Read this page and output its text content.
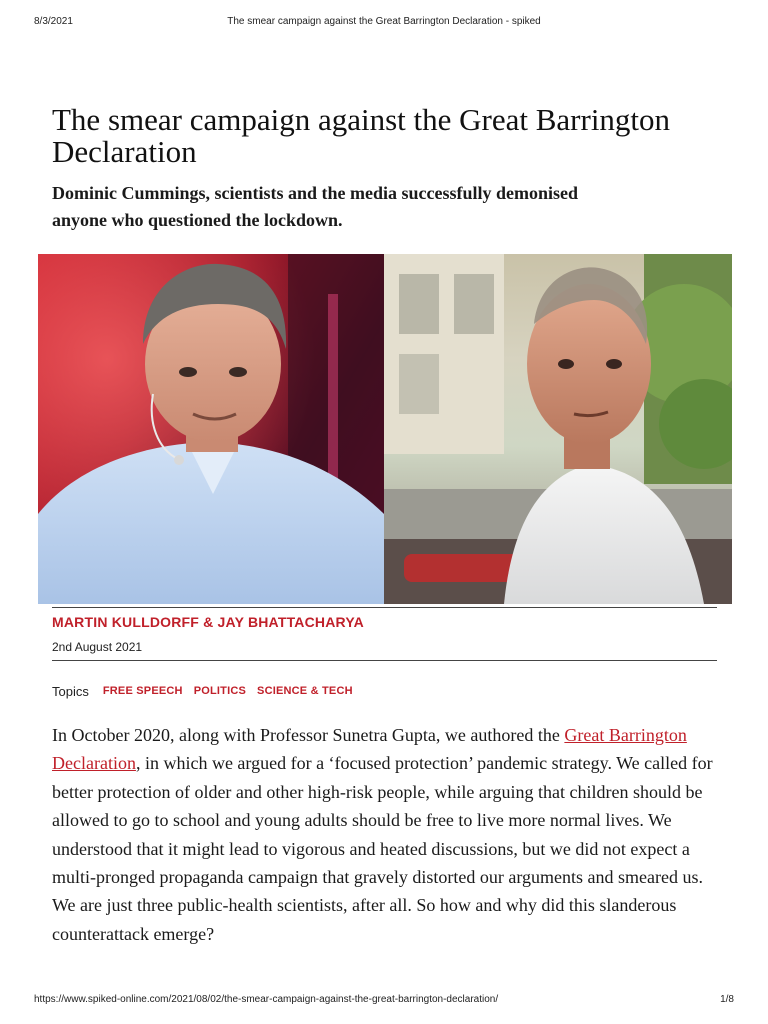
8/3/2021	The smear campaign against the Great Barrington Declaration - spiked
The smear campaign against the Great Barrington Declaration

Dominic Cummings, scientists and the media successfully demonised anyone who questioned the lockdown.

MARTIN KULLDORFF & JAY BHATTACHARYA
2nd August 2021
Topics FREE SPEECH POLITICS SCIENCE & TECH

In October 2020, along with Professor Sunetra Gupta, we authored the Great Barrington Declaration, in which we argued for a ‘focused protection’ pandemic strategy. We called for better protection of older and other high-risk people, while arguing that children should be allowed to go to school and young adults should be free to live more normal lives. We understood that it might lead to vigorous and heated discussions, but we did not expect a multi-pronged propaganda campaign that gravely distorted our arguments and smeared us. We are just three public-health scientists, after all. So how and why did this slanderous counterattack emerge?

https://www.spiked-online.com/2021/08/02/the-smear-campaign-against-the-great-barrington-declaration/	1/8
